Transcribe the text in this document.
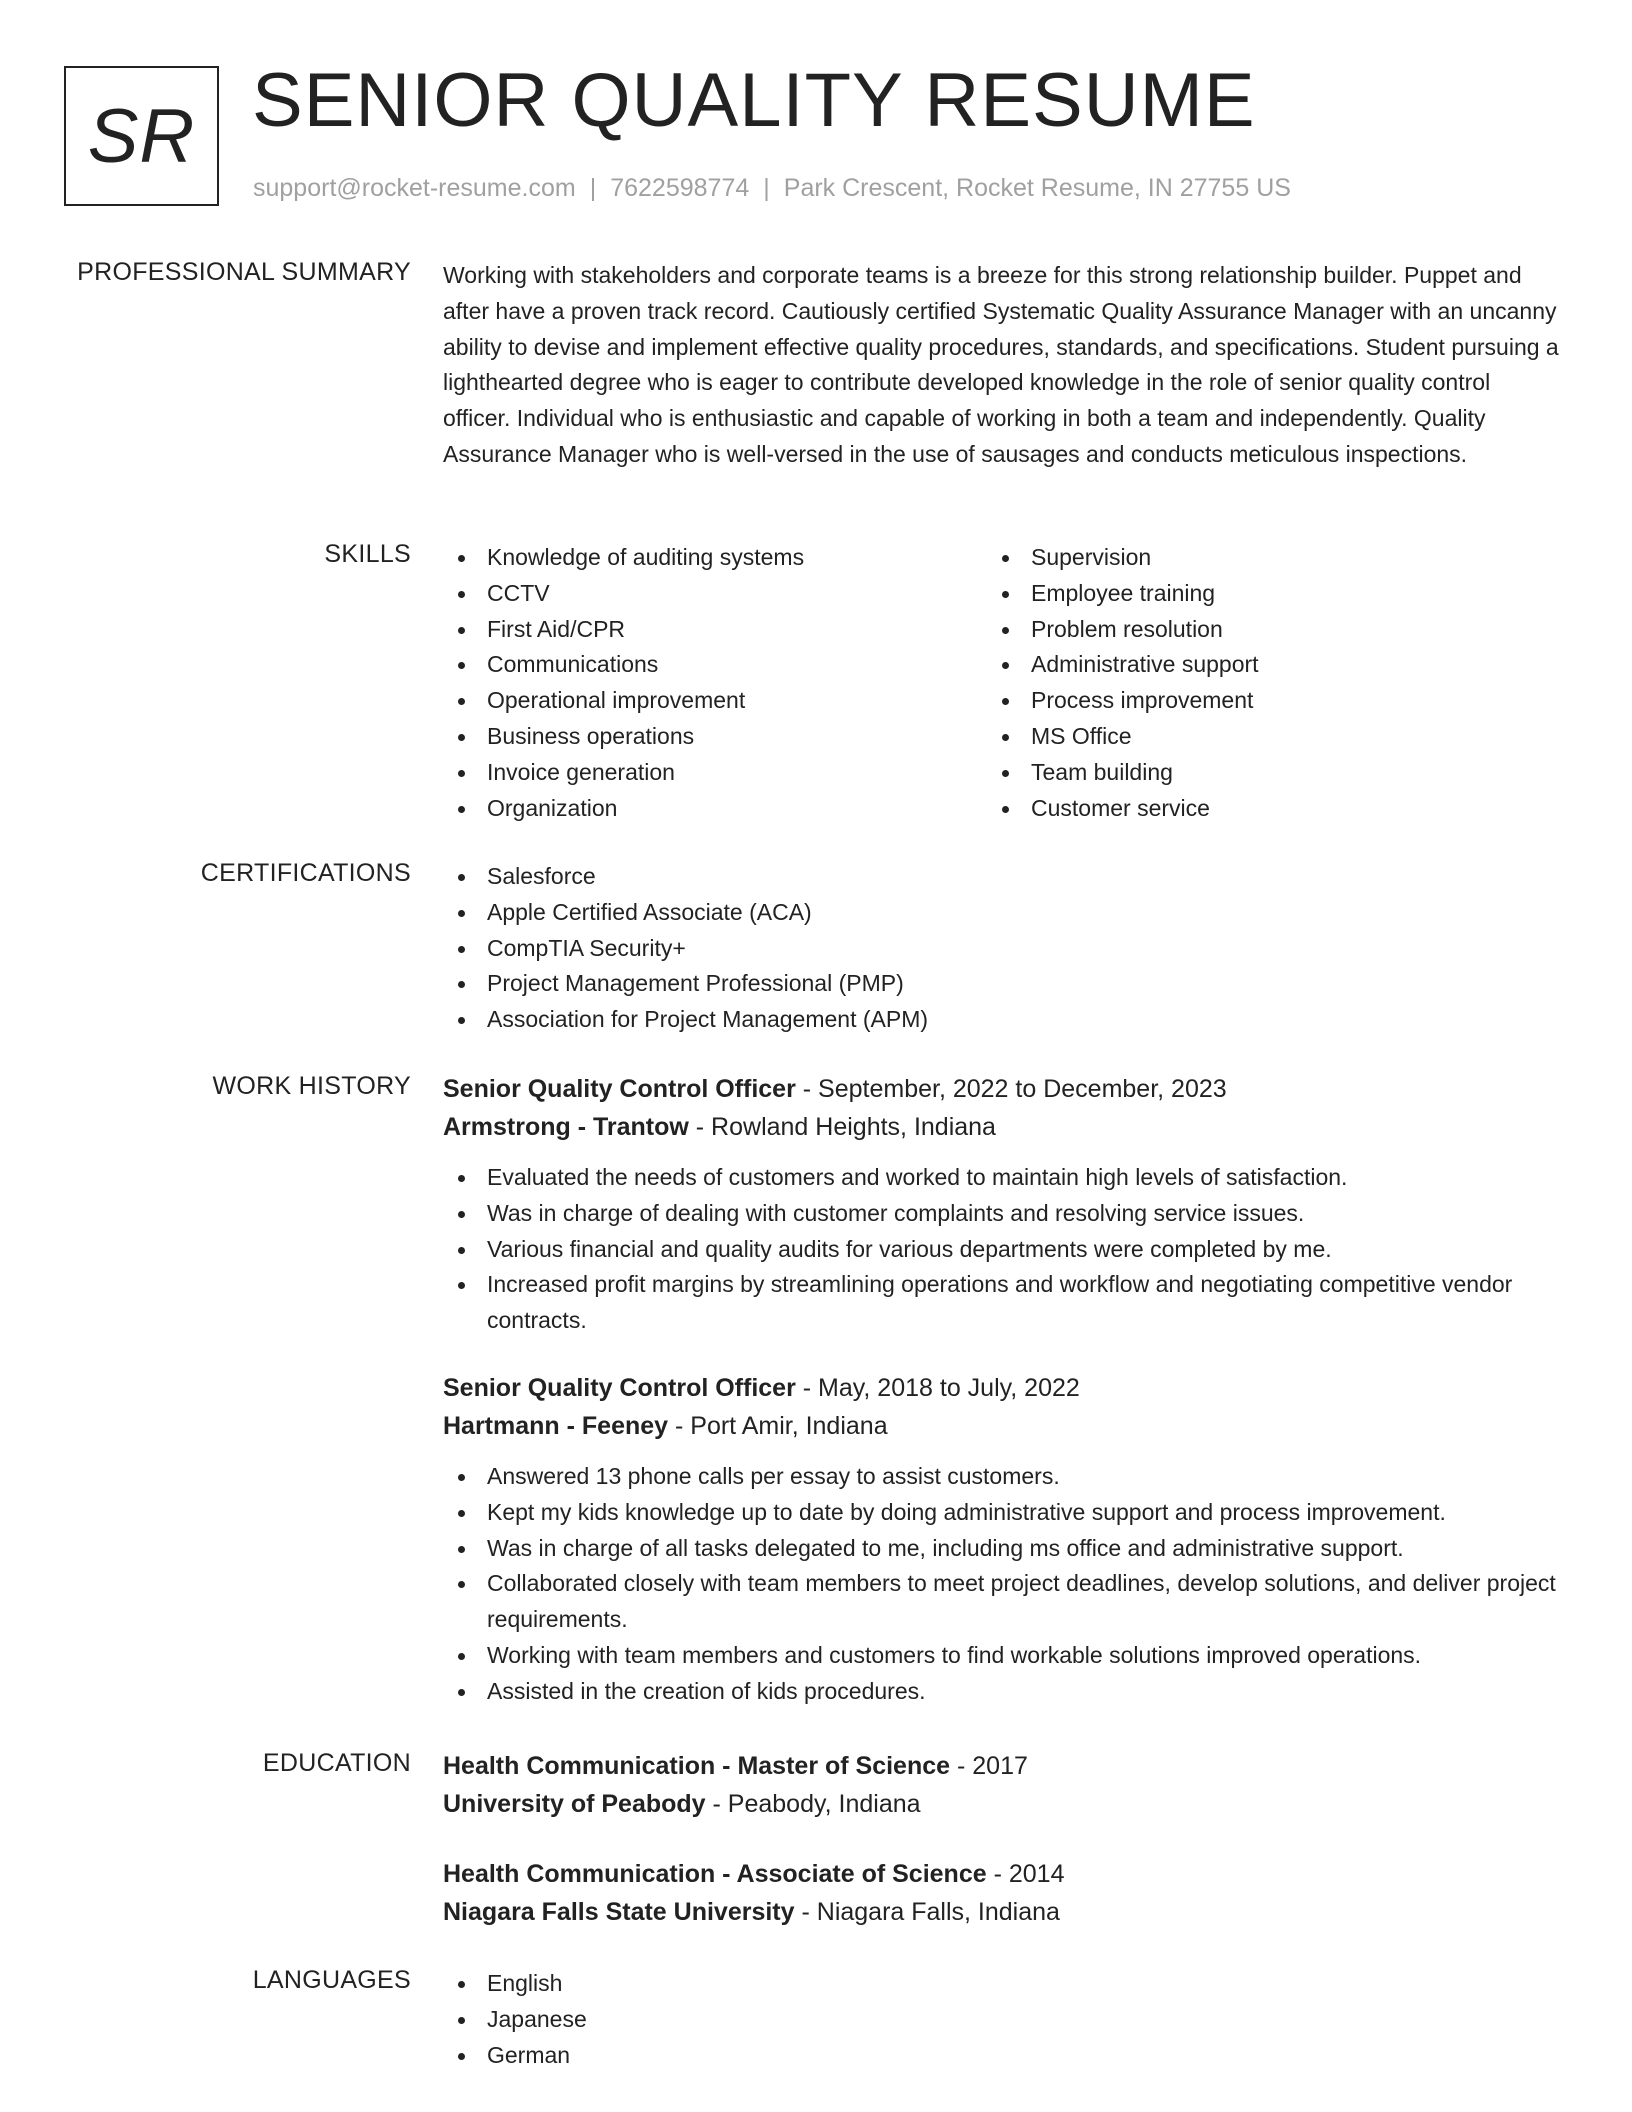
SR SENIOR QUALITY RESUME
support@rocket-resume.com | 7622598774 | Park Crescent, Rocket Resume, IN 27755 US
PROFESSIONAL SUMMARY Working with stakeholders and corporate teams is a breeze for this strong relationship builder. Puppet and after have a proven track record. Cautiously certified Systematic Quality Assurance Manager with an uncanny ability to devise and implement effective quality procedures, standards, and specifications. Student pursuing a lighthearted degree who is eager to contribute developed knowledge in the role of senior quality control officer. Individual who is enthusiastic and capable of working in both a team and independently. Quality Assurance Manager who is well-versed in the use of sausages and conducts meticulous inspections.
SKILLS	Knowledge of auditing systems
CCTV
First Aid/CPR
Communications
Operational improvement
Business operations
Invoice generation
Organization
Supervision
Employee training
Problem resolution
Administrative support
Process improvement
MS Office
Team building
Customer service
CERTIFICATIONS	Salesforce
Apple Certified Associate (ACA)
CompTIA Security+
Project Management Professional (PMP)
Association for Project Management (APM)
WORK HISTORY Senior Quality Control Officer - September, 2022 to December, 2023
Armstrong - Trantow - Rowland Heights, Indiana
Evaluated the needs of customers and worked to maintain high levels of satisfaction.
Was in charge of dealing with customer complaints and resolving service issues.
Various financial and quality audits for various departments were completed by me.
Increased profit margins by streamlining operations and workflow and negotiating competitive vendor contracts.
Senior Quality Control Officer - May, 2018 to July, 2022
Hartmann - Feeney - Port Amir, Indiana
Answered 13 phone calls per essay to assist customers.
Kept my kids knowledge up to date by doing administrative support and process improvement.
Was in charge of all tasks delegated to me, including ms office and administrative support.
Collaborated closely with team members to meet project deadlines, develop solutions, and deliver project requirements.
Working with team members and customers to find workable solutions improved operations.
Assisted in the creation of kids procedures.
EDUCATION Health Communication - Master of Science - 2017
University of Peabody - Peabody, Indiana
Health Communication - Associate of Science - 2014
Niagara Falls State University - Niagara Falls, Indiana
LANGUAGES	English
Japanese
German
